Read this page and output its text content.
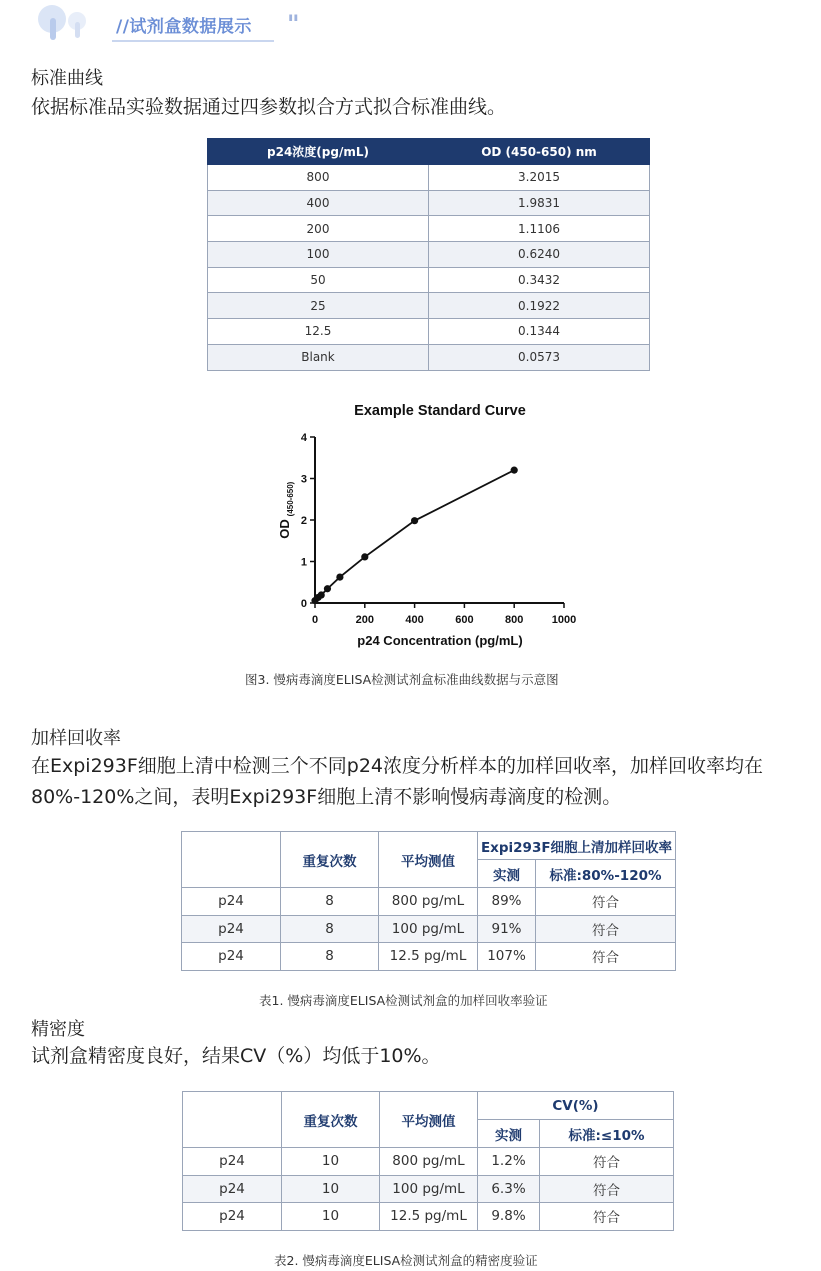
//试剂盒数据展示 "
标准曲线
依据标准品实验数据通过四参数拟合方式拟合标准曲线。
p24浓度(pg/mL)	OD (450-650) nm
800	3.2015
400	1.9831
200	1.1106
100	0.6240
50	0.3432
25	0.1922
12.5	0.1344
Blank	0.0573
Example Standard Curve
0	200	400	600	800	1000
0
1
2
3
4
p24 Concentration (pg/mL)
OD
(450-650)
图3. 慢病毒滴度ELISA检测试剂盒标准曲线数据与示意图
加样回收率
在Expi293F细胞上清中检测三个不同p24浓度分析样本的加样回收率，加样回收率均在80%-120%之间，表明Expi293F细胞上清不影响慢病毒滴度的检测。
	重复次数	平均测值	Expi293F细胞上清加样回收率	
			实测	标准:80%-120%
p24	8	800 pg/mL	89%	符合
p24	8	100 pg/mL	91%	符合
p24	8	12.5 pg/mL	107%	符合
表1. 慢病毒滴度ELISA检测试剂盒的加样回收率验证
精密度
试剂盒精密度良好，结果CV（%）均低于10%。
	重复次数	平均测值	CV(%)	
			实测	标准:≤10%
p24	10	800 pg/mL	1.2%	符合
p24	10	100 pg/mL	6.3%	符合
p24	10	12.5 pg/mL	9.8%	符合
表2. 慢病毒滴度ELISA检测试剂盒的精密度验证
